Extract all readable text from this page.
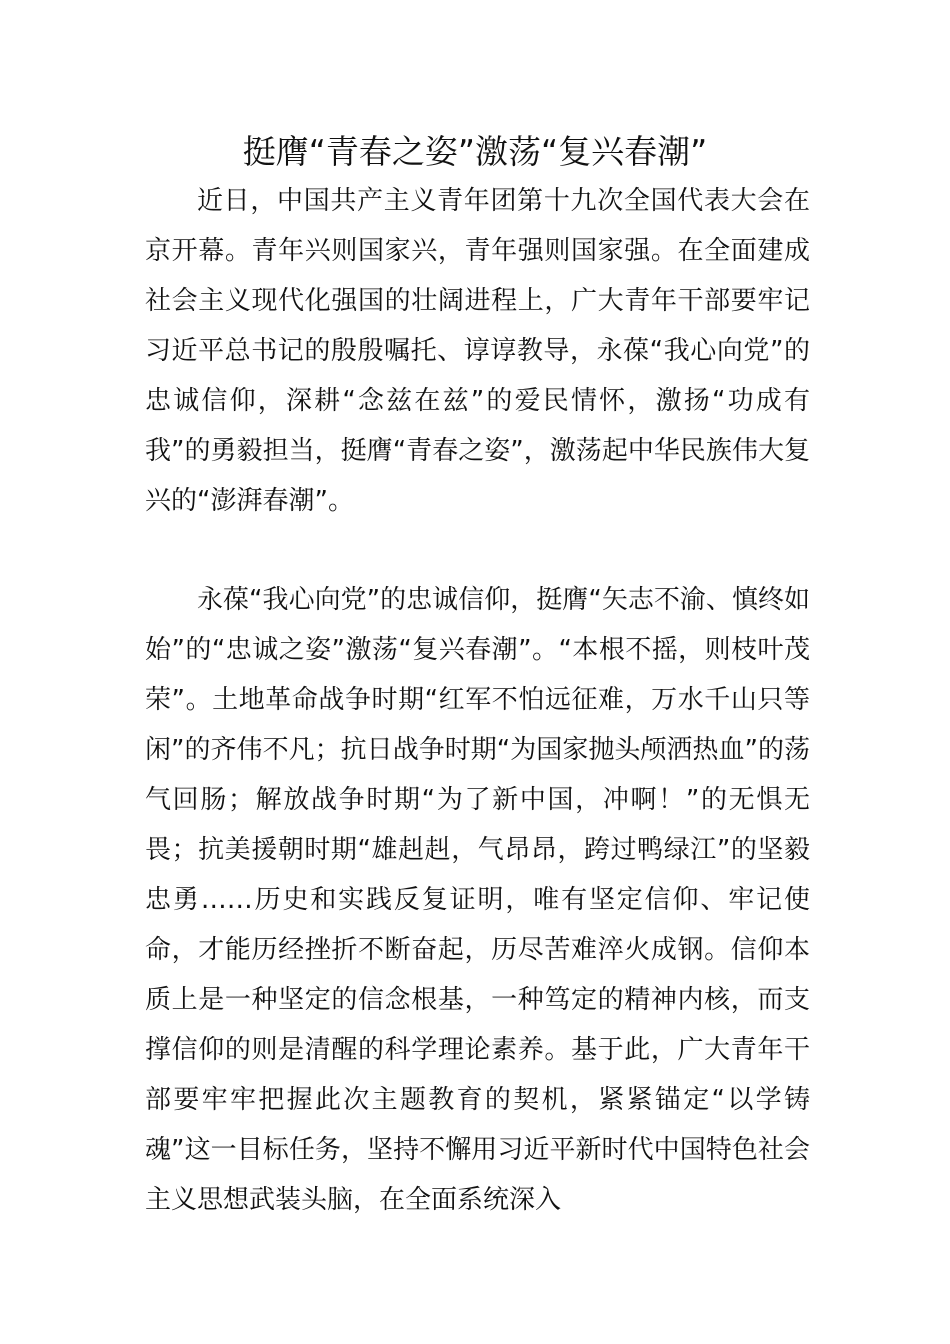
挺膺“青春之姿”激荡“复兴春潮”

近日，中国共产主义青年团第十九次全国代表大会在京开幕。青年兴则国家兴，青年强则国家强。在全面建成社会主义现代化强国的壮阔进程上，广大青年干部要牢记习近平总书记的殷殷嘱托、谆谆教导，永葆“我心向党”的忠诚信仰，深耕“念兹在兹”的爱民情怀，激扬“功成有我”的勇毅担当，挺膺“青春之姿”，激荡起中华民族伟大复兴的“澎湃春潮”。

永葆“我心向党”的忠诚信仰，挺膺“矢志不渝、慎终如始”的“忠诚之姿”激荡“复兴春潮”。“本根不摇，则枝叶茂荣”。土地革命战争时期“红军不怕远征难，万水千山只等闲”的齐伟不凡；抗日战争时期“为国家抛头颅洒热血”的荡气回肠；解放战争时期“为了新中国，冲啊！”的无惧无畏；抗美援朝时期“雄赳赳，气昂昂，跨过鸭绿江”的坚毅忠勇……历史和实践反复证明，唯有坚定信仰、牢记使命，才能历经挫折不断奋起，历尽苦难淬火成钢。信仰本质上是一种坚定的信念根基，一种笃定的精神内核，而支撑信仰的则是清醒的科学理论素养。基于此，广大青年干部要牢牢把握此次主题教育的契机，紧紧锚定“以学铸魂”这一目标任务，坚持不懈用习近平新时代中国特色社会主义思想武装头脑，在全面系统深入
